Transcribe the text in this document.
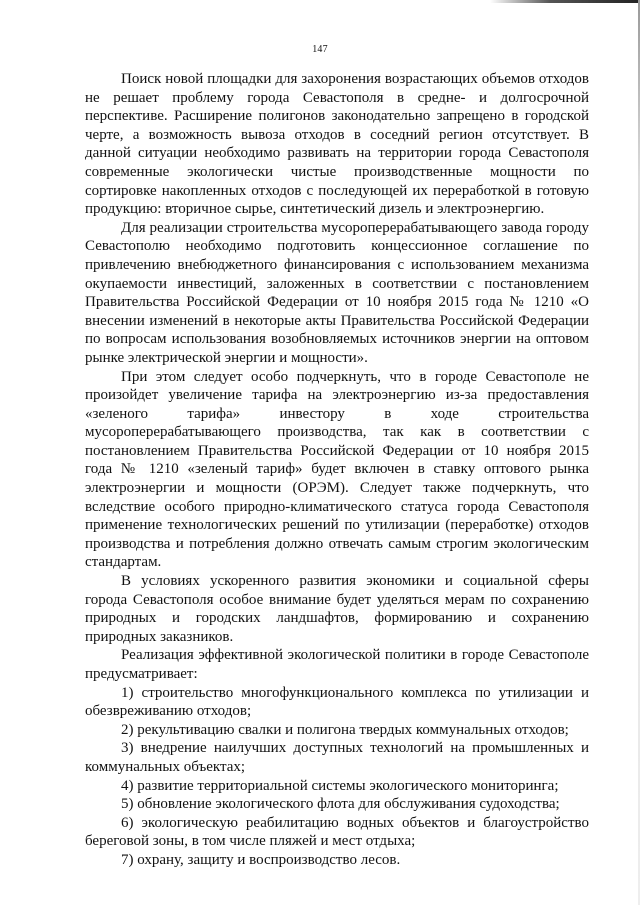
147

Поиск новой площадки для захоронения возрастающих объемов отходов не решает проблему города Севастополя в средне- и долгосрочной перспективе. Расширение полигонов законодательно запрещено в городской черте, а возможность вывоза отходов в соседний регион отсутствует. В данной ситуации необходимо развивать на территории города Севастополя современные экологически чистые производственные мощности по сортировке накопленных отходов с последующей их переработкой в готовую продукцию: вторичное сырье, синтетический дизель и электроэнергию.

Для реализации строительства мусороперерабатывающего завода городу Севастополю необходимо подготовить концессионное соглашение по привлечению внебюджетного финансирования с использованием механизма окупаемости инвестиций, заложенных в соответствии с постановлением Правительства Российской Федерации от 10 ноября 2015 года № 1210 «О внесении изменений в некоторые акты Правительства Российской Федерации по вопросам использования возобновляемых источников энергии на оптовом рынке электрической энергии и мощности».

При этом следует особо подчеркнуть, что в городе Севастополе не произойдет увеличение тарифа на электроэнергию из-за предоставления «зеленого тарифа» инвестору в ходе строительства мусороперерабатывающего производства, так как в соответствии с постановлением Правительства Российской Федерации от 10 ноября 2015 года № 1210 «зеленый тариф» будет включен в ставку оптового рынка электроэнергии и мощности (ОРЭМ). Следует также подчеркнуть, что вследствие особого природно-климатического статуса города Севастополя применение технологических решений по утилизации (переработке) отходов производства и потребления должно отвечать самым строгим экологическим стандартам.

В условиях ускоренного развития экономики и социальной сферы города Севастополя особое внимание будет уделяться мерам по сохранению природных и городских ландшафтов, формированию и сохранению природных заказников.

Реализация эффективной экологической политики в городе Севастополе предусматривает:

1) строительство многофункционального комплекса по утилизации и обезвреживанию отходов;

2) рекультивацию свалки и полигона твердых коммунальных отходов;

3) внедрение наилучших доступных технологий на промышленных и коммунальных объектах;

4) развитие территориальной системы экологического мониторинга;

5) обновление экологического флота для обслуживания судоходства;

6) экологическую реабилитацию водных объектов и благоустройство береговой зоны, в том числе пляжей и мест отдыха;

7) охрану, защиту и воспроизводство лесов.
